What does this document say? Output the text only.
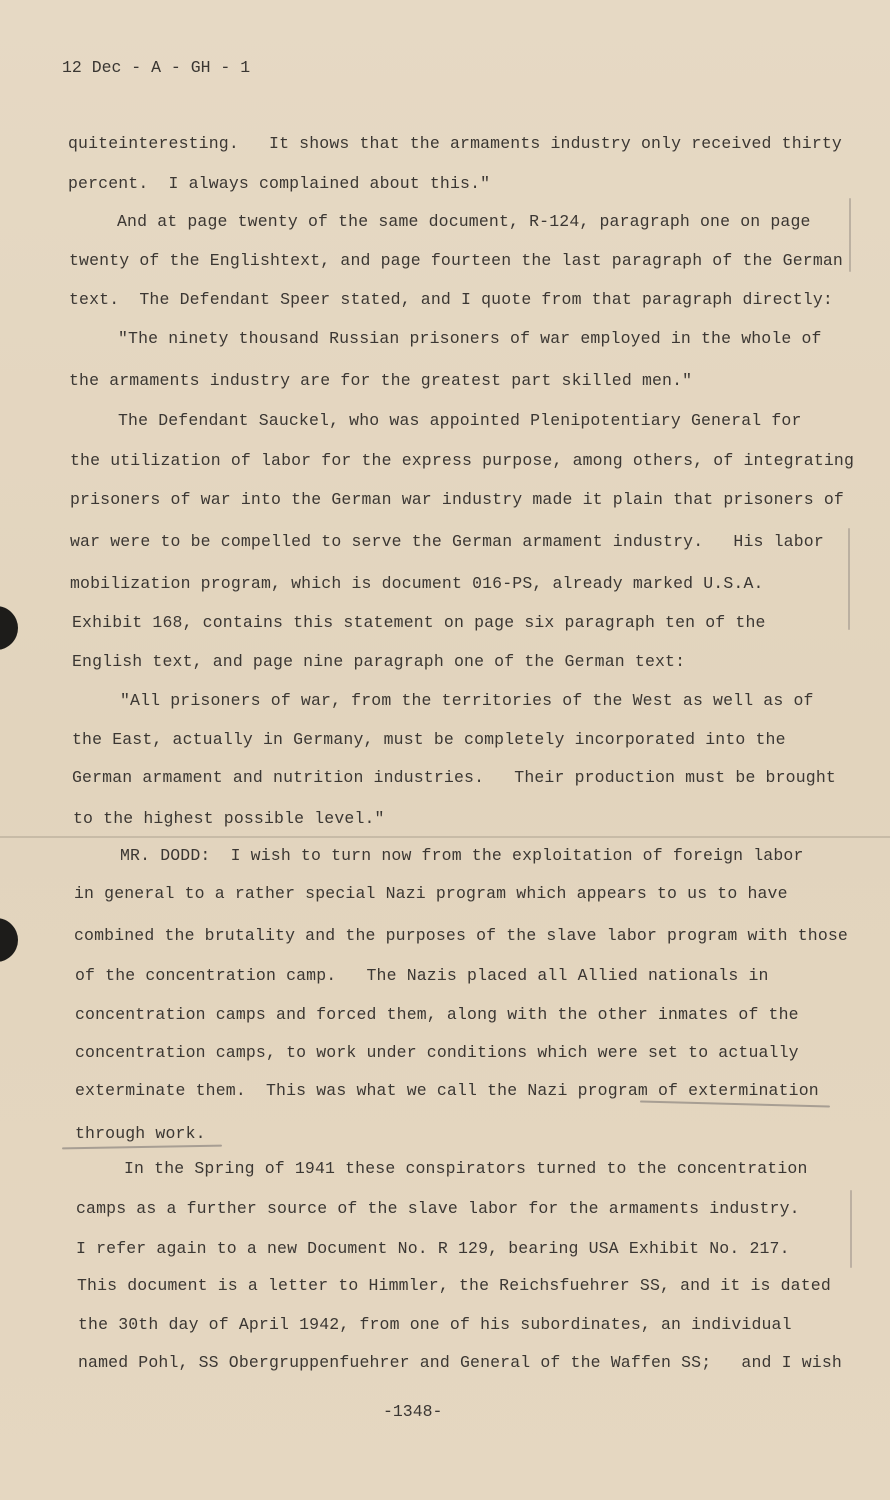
12 Dec - A - GH - 1
quiteinteresting.   It shows that the armaments industry only received thirty
percent.  I always complained about this."
And at page twenty of the same document, R-124, paragraph one on page
twenty of the Englishtext, and page fourteen the last paragraph of the German
text.  The Defendant Speer stated, and I quote from that paragraph directly:
"The ninety thousand Russian prisoners of war employed in the whole of
the armaments industry are for the greatest part skilled men."
The Defendant Sauckel, who was appointed Plenipotentiary General for
the utilization of labor for the express purpose, among others, of integrating
prisoners of war into the German war industry made it plain that prisoners of
war were to be compelled to serve the German armament industry.   His labor
mobilization program, which is document 016-PS, already marked U.S.A.
Exhibit 168, contains this statement on page six paragraph ten of the
English text, and page nine paragraph one of the German text:
"All prisoners of war, from the territories of the West as well as of
the East, actually in Germany, must be completely incorporated into the
German armament and nutrition industries.   Their production must be brought
to the highest possible level."
MR. DODD:  I wish to turn now from the exploitation of foreign labor
in general to a rather special Nazi program which appears to us to have
combined the brutality and the purposes of the slave labor program with those
of the concentration camp.   The Nazis placed all Allied nationals in
concentration camps and forced them, along with the other inmates of the
concentration camps, to work under conditions which were set to actually
exterminate them.  This was what we call the Nazi program of extermination
through work.
In the Spring of 1941 these conspirators turned to the concentration
camps as a further source of the slave labor for the armaments industry.
I refer again to a new Document No. R 129, bearing USA Exhibit No. 217.
This document is a letter to Himmler, the Reichsfuehrer SS, and it is dated
the 30th day of April 1942, from one of his subordinates, an individual
named Pohl, SS Obergruppenfuehrer and General of the Waffen SS;   and I wish
-1348-
